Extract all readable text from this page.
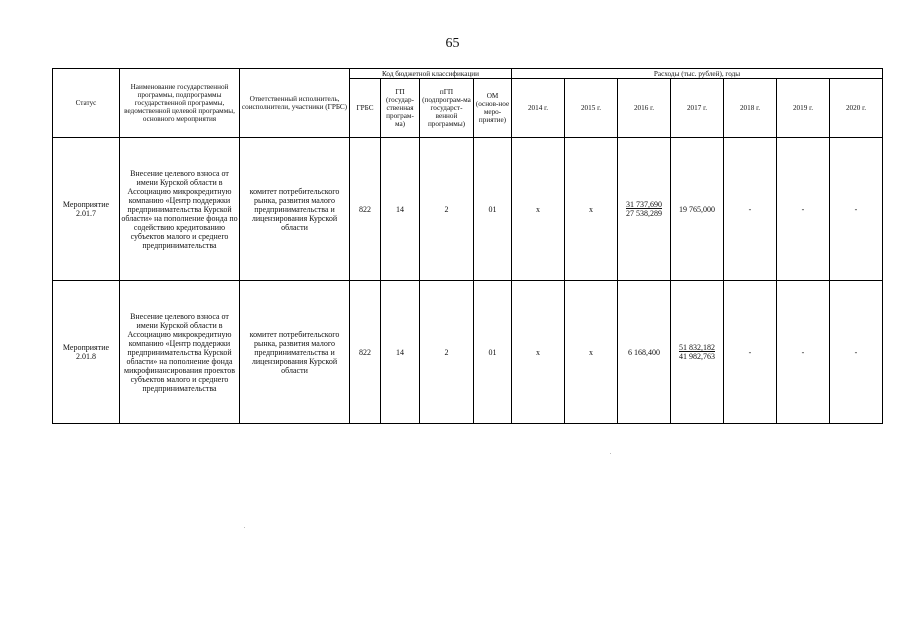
65
Статус	Наименование государственной программы, подпрограммы государственной программы, ведомственной целевой программы, основного мероприятия	Ответственный исполнитель, соисполнители, участники (ГРБС)	Код бюджетной классификации				Расходы (тыс. рублей), годы						
			ГРБС	ГП (государ-ственная програм-ма)	пГП (подпрограм-ма государст-венной программы)	ОМ (основ-ное меро-приятие)	2014 г.	2015 г.	2016 г.	2017 г.	2018 г.	2019 г.	2020 г.
Мероприятие 2.01.7	Внесение целевого взноса от имени Курской области в Ассоциацию микрокредитную компанию «Центр поддержки предпринимательства Курской области» на пополнение фонда по содействию кредитованию субъектов малого и среднего предпринимательства	комитет потребительского рынка, развития малого предпринимательства и лицензирования Курской области	822	14	2	01	х	х	31 737,690
27 538,289	19 765,000	-	-	-
Мероприятие 2.01.8	Внесение целевого взноса от имени Курской области в Ассоциацию микрокредитную компанию «Центр поддержки предпринимательства Курской области» на пополнение фонда микрофинансирования проектов субъектов малого и среднего предпринимательства	комитет потребительского рынка, развития малого предпринимательства и лицензирования Курской области	822	14	2	01	х	х	6 168,400	51 832,182
41 982,763	-	-	-
